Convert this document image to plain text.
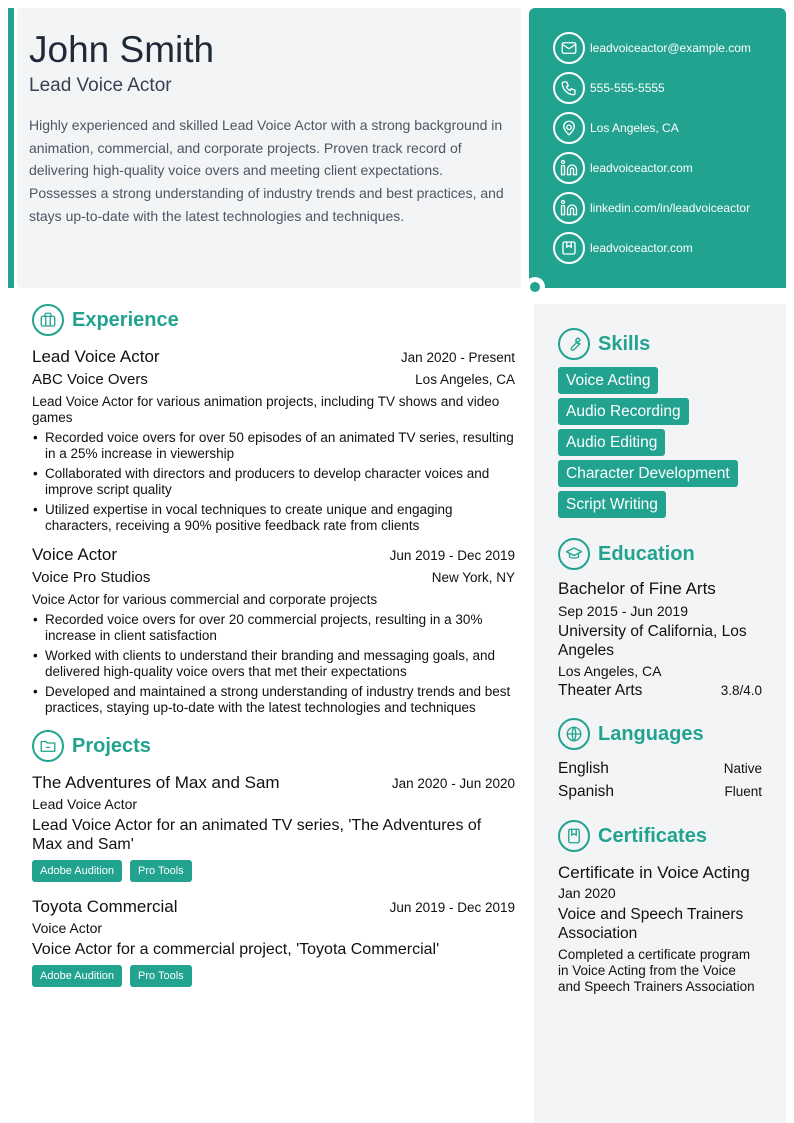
John Smith
Lead Voice Actor

Highly experienced and skilled Lead Voice Actor with a strong background in animation, commercial, and corporate projects. Proven track record of delivering high-quality voice overs and meeting client expectations. Possesses a strong understanding of industry trends and best practices, and stays up-to-date with the latest technologies and techniques.

leadvoiceactor@example.com
555-555-5555
Los Angeles, CA
leadvoiceactor.com
linkedin.com/in/leadvoiceactor
leadvoiceactor.com
Experience
Lead Voice Actor	Jan 2020 - Present
ABC Voice Overs	Los Angeles, CA
Lead Voice Actor for various animation projects, including TV shows and video games
• Recorded voice overs for over 50 episodes of an animated TV series, resulting in a 25% increase in viewership
• Collaborated with directors and producers to develop character voices and improve script quality
• Utilized expertise in vocal techniques to create unique and engaging characters, receiving a 90% positive feedback rate from clients
Voice Actor	Jun 2019 - Dec 2019
Voice Pro Studios	New York, NY
Voice Actor for various commercial and corporate projects
• Recorded voice overs for over 20 commercial projects, resulting in a 30% increase in client satisfaction
• Worked with clients to understand their branding and messaging goals, and delivered high-quality voice overs that met their expectations
• Developed and maintained a strong understanding of industry trends and best practices, staying up-to-date with the latest technologies and techniques
Projects
The Adventures of Max and Sam	Jan 2020 - Jun 2020
Lead Voice Actor
Lead Voice Actor for an animated TV series, 'The Adventures of Max and Sam'
Adobe Audition	Pro Tools
Toyota Commercial	Jun 2019 - Dec 2019
Voice Actor
Voice Actor for a commercial project, 'Toyota Commercial'
Adobe Audition	Pro Tools
Skills
Voice Acting
Audio Recording
Audio Editing
Character Development
Script Writing
Education
Bachelor of Fine Arts
Sep 2015 - Jun 2019
University of California, Los Angeles
Los Angeles, CA
Theater Arts	3.8/4.0
Languages
English	Native
Spanish	Fluent
Certificates
Certificate in Voice Acting
Jan 2020
Voice and Speech Trainers Association
Completed a certificate program in Voice Acting from the Voice and Speech Trainers Association
